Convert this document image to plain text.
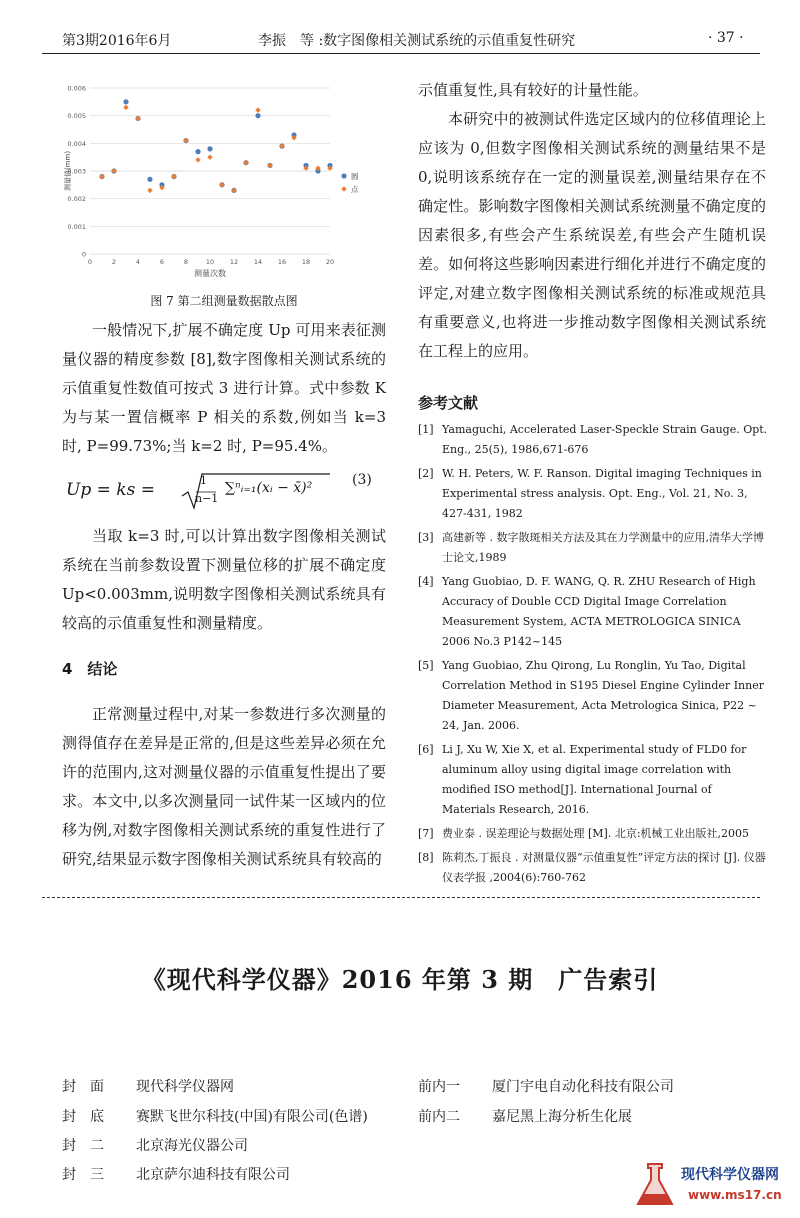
第3期2016年6月	李振　等 :数字图像相关测试系统的示值重复性研究	· 37 ·
0
0.001
0.002
0.003
0.004
0.005
0.006
0	2	4	6	8	10 12 14 16 18 20
测量次数
测量值(mm)	圆
点
图 7 第二组测量数据散点图

一般情况下,扩展不确定度 Up 可用来表征测量仪器的精度参数 [8],数字图像相关测试系统的示值重复性数值可按式 3 进行计算。式中参数 K 为与某一置信概率 P 相关的系数,例如当 k=3 时, P=99.73%;当 k=2 时, P=95.4%。

Up = ks =	1
n−1
∑ⁿᵢ₌₁(xᵢ − x̄)²	(3)

当取 k=3 时,可以计算出数字图像相关测试系统在当前参数设置下测量位移的扩展不确定度Up<0.003mm,说明数字图像相关测试系统具有较高的示值重复性和测量精度。

4　结论

正常测量过程中,对某一参数进行多次测量的测得值存在差异是正常的,但是这些差异必须在允许的范围内,这对测量仪器的示值重复性提出了要求。本文中,以多次测量同一试件某一区域内的位移为例,对数字图像相关测试系统的重复性进行了研究,结果显示数字图像相关测试系统具有较高的

示值重复性,具有较好的计量性能。

本研究中的被测试件选定区域内的位移值理论上应该为 0,但数字图像相关测试系统的测量结果不是 0,说明该系统存在一定的测量误差,测量结果存在不确定性。影响数字图像相关测试系统测量不确定度的因素很多,有些会产生系统误差,有些会产生随机误差。如何将这些影响因素进行细化并进行不确定度的评定,对建立数字图像相关测试系统的标准或规范具有重要意义,也将进一步推动数字图像相关测试系统在工程上的应用。

参考文献
[1] Yamaguchi, Accelerated Laser-Speckle Strain Gauge. Opt. Eng., 25(5), 1986,671-676
[2] W. H. Peters, W. F. Ranson. Digital imaging Techniques in Experimental stress analysis. Opt. Eng., Vol. 21, No. 3, 427-431, 1982
[3] 高建新等 . 数字散斑相关方法及其在力学测量中的应用,清华大学博士论文,1989
[4] Yang Guobiao, D. F. WANG, Q. R. ZHU Research of High Accuracy of Double CCD Digital Image Correlation Measurement System, ACTA METROLOGICA SINICA 2006 No.3 P142~145
[5] Yang Guobiao, Zhu Qirong, Lu Ronglin, Yu Tao, Digital Correlation Method in S195 Diesel Engine Cylinder Inner Diameter Measurement, Acta Metrologica Sinica, P22 ~ 24, Jan. 2006.
[6] Li J, Xu W, Xie X, et al. Experimental study of FLD0 for aluminum alloy using digital image correlation with modified ISO method[J]. International Journal of Materials Research, 2016.
[7] 费业泰 . 误差理论与数据处理 [M]. 北京:机械工业出版社,2005
[8] 陈莉杰,丁振良 . 对测量仪器“示值重复性”评定方法的探讨 [J]. 仪器仪表学报 ,2004(6):760-762
《现代科学仪器》2016 年第 3 期　广告索引
封　面　 现代科学仪器网
封　底　 赛默飞世尔科技(中国)有限公司(色谱)
封　二　 北京海光仪器公司
封　三　 北京萨尔迪科技有限公司
前内一　 厦门宇电自动化科技有限公司
前内二　 嘉尼黑上海分析生化展
现代科学仪器网
www.ms17.cn
